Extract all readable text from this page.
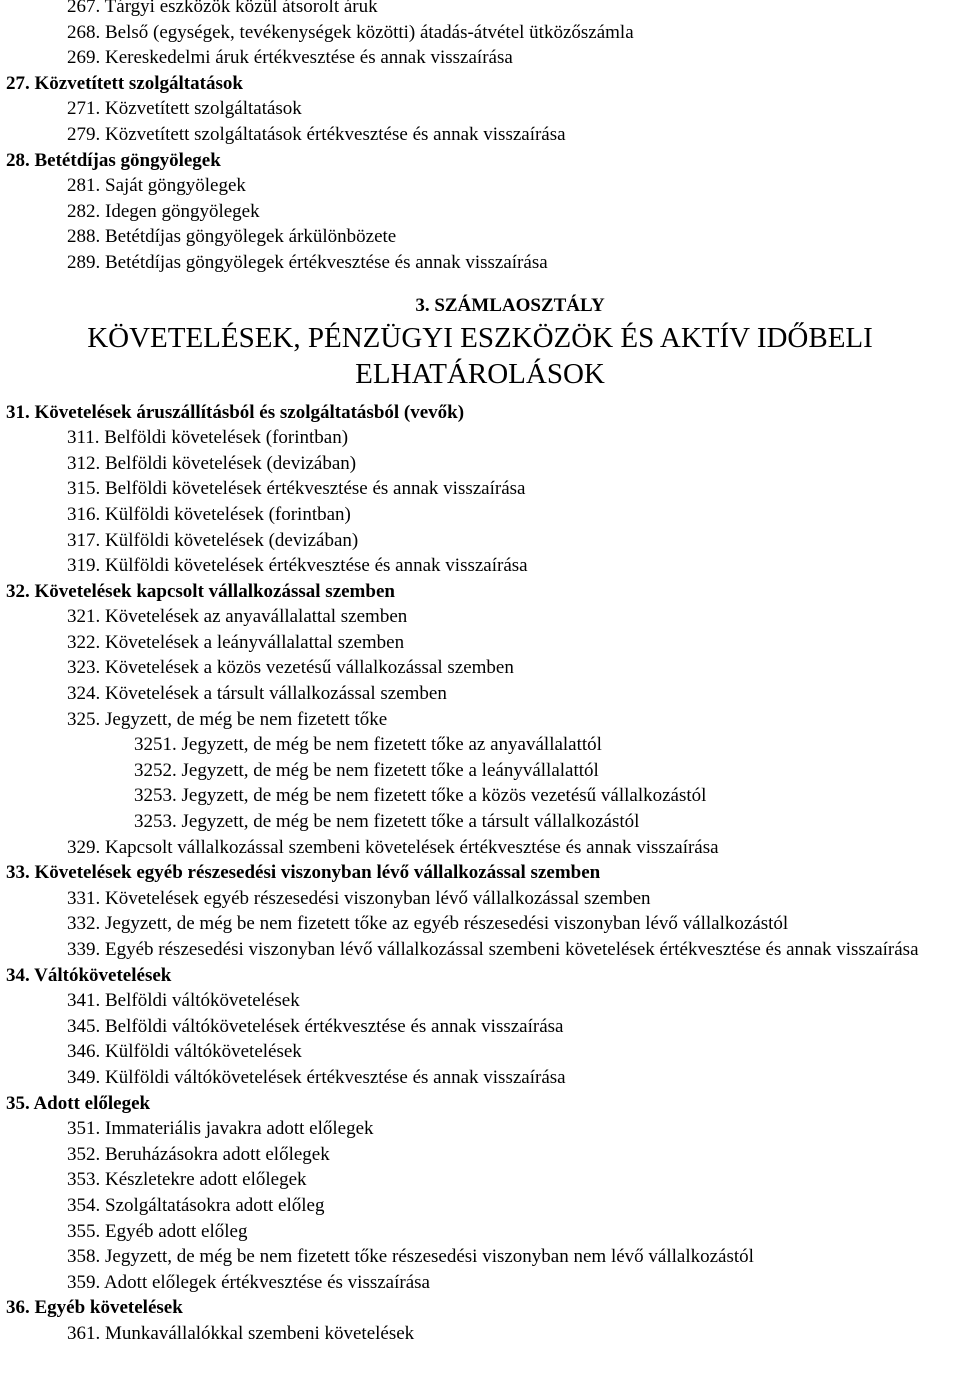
267. Tárgyi eszközök közül átsorolt áruk
268. Belső (egységek, tevékenységek közötti) átadás-átvétel ütközőszámla
269. Kereskedelmi áruk értékvesztése és annak visszaírása
27. Közvetített szolgáltatások
271. Közvetített szolgáltatások
279. Közvetített szolgáltatások értékvesztése és annak visszaírása
28. Betétdíjas göngyölegek
281. Saját göngyölegek
282. Idegen göngyölegek
288. Betétdíjas göngyölegek árkülönbözete
289. Betétdíjas göngyölegek értékvesztése és annak visszaírása
3. SZÁMLAOSZTÁLY
KÖVETELÉSEK, PÉNZÜGYI ESZKÖZÖK ÉS AKTÍV IDŐBELI
ELHATÁROLÁSOK
31. Követelések áruszállításból és szolgáltatásból (vevők)
311. Belföldi követelések (forintban)
312. Belföldi követelések (devizában)
315. Belföldi követelések értékvesztése és annak visszaírása
316. Külföldi követelések (forintban)
317. Külföldi követelések (devizában)
319. Külföldi követelések értékvesztése és annak visszaírása
32. Követelések kapcsolt vállalkozással szemben
321. Követelések az anyavállalattal szemben
322. Követelések a leányvállalattal szemben
323. Követelések a közös vezetésű vállalkozással szemben
324. Követelések a társult vállalkozással szemben
325. Jegyzett, de még be nem fizetett tőke
3251. Jegyzett, de még be nem fizetett tőke az anyavállalattól
3252. Jegyzett, de még be nem fizetett tőke a leányvállalattól
3253. Jegyzett, de még be nem fizetett tőke a közös vezetésű vállalkozástól
3253. Jegyzett, de még be nem fizetett tőke a társult vállalkozástól
329. Kapcsolt vállalkozással szembeni követelések értékvesztése és annak visszaírása
33. Követelések egyéb részesedési viszonyban lévő vállalkozással szemben
331. Követelések egyéb részesedési viszonyban lévő vállalkozással szemben
332. Jegyzett, de még be nem fizetett tőke az egyéb részesedési viszonyban lévő vállalkozástól
339. Egyéb részesedési viszonyban lévő vállalkozással szembeni követelések értékvesztése és annak visszaírása
34. Váltókövetelések
341. Belföldi váltókövetelések
345. Belföldi váltókövetelések értékvesztése és annak visszaírása
346. Külföldi váltókövetelések
349. Külföldi váltókövetelések értékvesztése és annak visszaírása
35. Adott előlegek
351. Immateriális javakra adott előlegek
352. Beruházásokra adott előlegek
353. Készletekre adott előlegek
354. Szolgáltatásokra adott előleg
355. Egyéb adott előleg
358. Jegyzett, de még be nem fizetett tőke részesedési viszonyban nem lévő vállalkozástól
359. Adott előlegek értékvesztése és visszaírása
36. Egyéb követelések
361. Munkavállalókkal szembeni követelések
